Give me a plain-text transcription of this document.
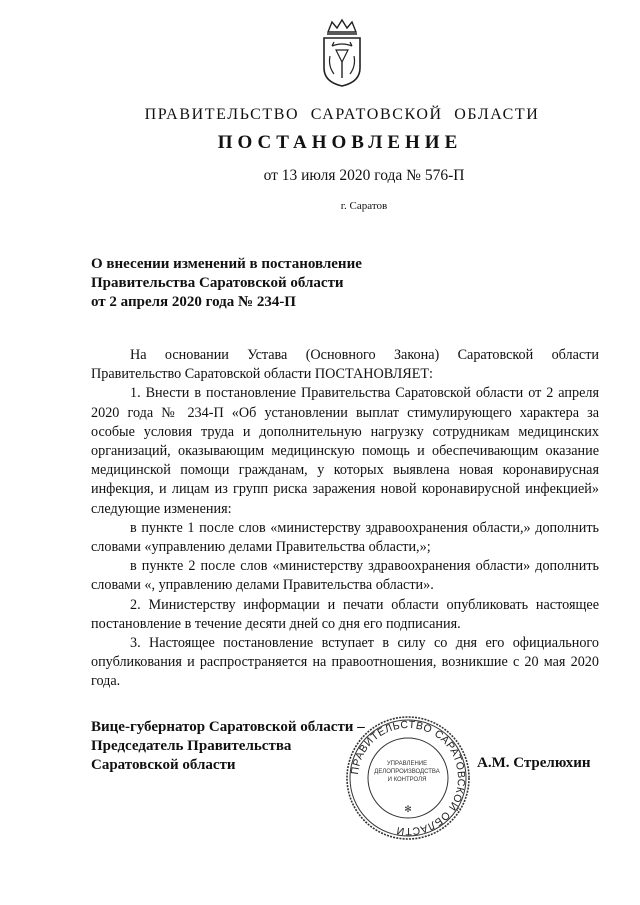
ПРАВИТЕЛЬСТВО САРАТОВСКОЙ ОБЛАСТИ
ПОСТАНОВЛЕНИЕ
от 13 июля 2020 года № 576-П
г. Саратов
О внесении изменений в постановление
Правительства Саратовской области
от 2 апреля 2020 года № 234-П

На основании Устава (Основного Закона) Саратовской области Правительство Саратовской области ПОСТАНОВЛЯЕТ:

1. Внести в постановление Правительства Саратовской области от 2 апреля 2020 года № 234-П «Об установлении выплат стимулирующего характера за особые условия труда и дополнительную нагрузку сотрудникам медицинских организаций, оказывающим медицинскую помощь и обеспечивающим оказание медицинской помощи гражданам, у которых выявлена новая коронавирусная инфекция, и лицам из групп риска заражения новой коронавирусной инфекцией» следующие изменения:

в пункте 1 после слов «министерству здравоохранения области,» дополнить словами «управлению делами Правительства области,»;

в пункте 2 после слов «министерству здравоохранения области» дополнить словами «, управлению делами Правительства области».

2. Министерству информации и печати области опубликовать настоящее постановление в течение десяти дней со дня его подписания.

3. Настоящее постановление вступает в силу со дня его официального опубликования и распространяется на правоотношения, возникшие с 20 мая 2020 года.

Вице-губернатор Саратовской области –
Председатель Правительства
Саратовской области	ПРАВИТЕЛЬСТВО САРАТОВСКОЙ ОБЛАСТИ
✻
УПРАВЛЕНИЕ
ДЕЛОПРОИЗВОДСТВА
И КОНТРОЛЯ
А.М. Стрелюхин
